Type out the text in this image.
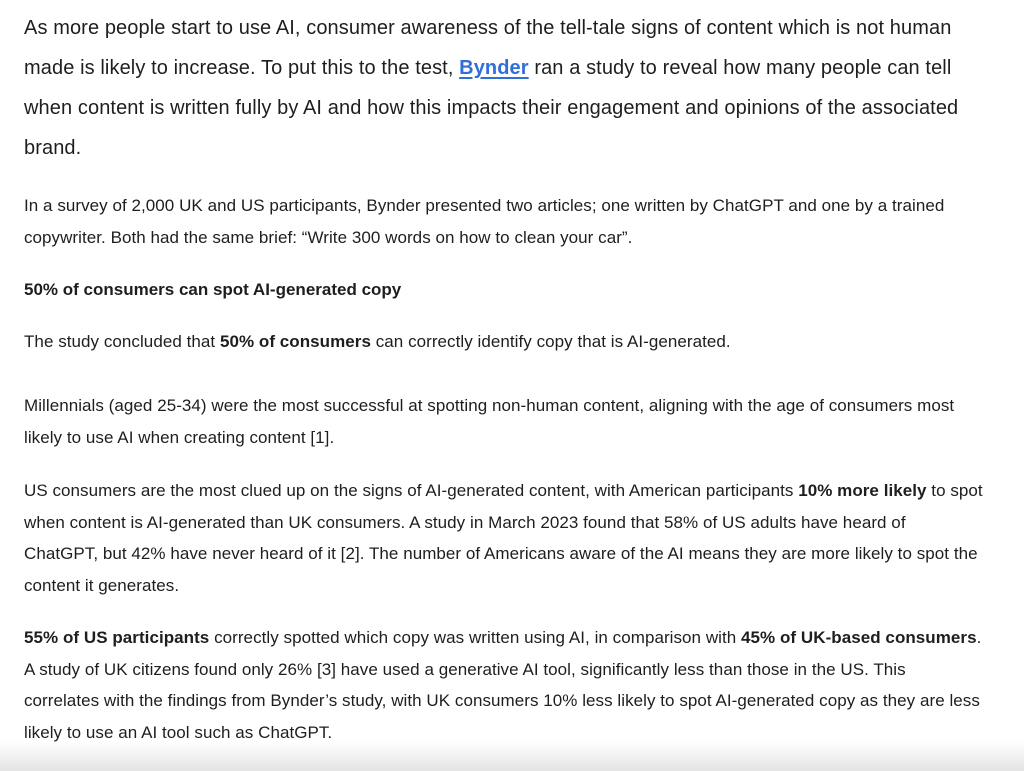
As more people start to use AI, consumer awareness of the tell-tale signs of content which is not human made is likely to increase. To put this to the test, Bynder ran a study to reveal how many people can tell when content is written fully by AI and how this impacts their engagement and opinions of the associated brand.

In a survey of 2,000 UK and US participants, Bynder presented two articles; one written by ChatGPT and one by a trained copywriter. Both had the same brief: “Write 300 words on how to clean your car”.

50% of consumers can spot AI-generated copy

The study concluded that 50% of consumers can correctly identify copy that is AI-generated.

Millennials (aged 25-34) were the most successful at spotting non-human content, aligning with the age of consumers most likely to use AI when creating content [1].

US consumers are the most clued up on the signs of AI-generated content, with American participants 10% more likely to spot when content is AI-generated than UK consumers. A study in March 2023 found that 58% of US adults have heard of ChatGPT, but 42% have never heard of it [2]. The number of Americans aware of the AI means they are more likely to spot the content it generates.

55% of US participants correctly spotted which copy was written using AI, in comparison with 45% of UK-based consumers. A study of UK citizens found only 26% [3] have used a generative AI tool, significantly less than those in the US. This correlates with the findings from Bynder’s study, with UK consumers 10% less likely to spot AI-generated copy as they are less likely to use an AI tool such as ChatGPT.
